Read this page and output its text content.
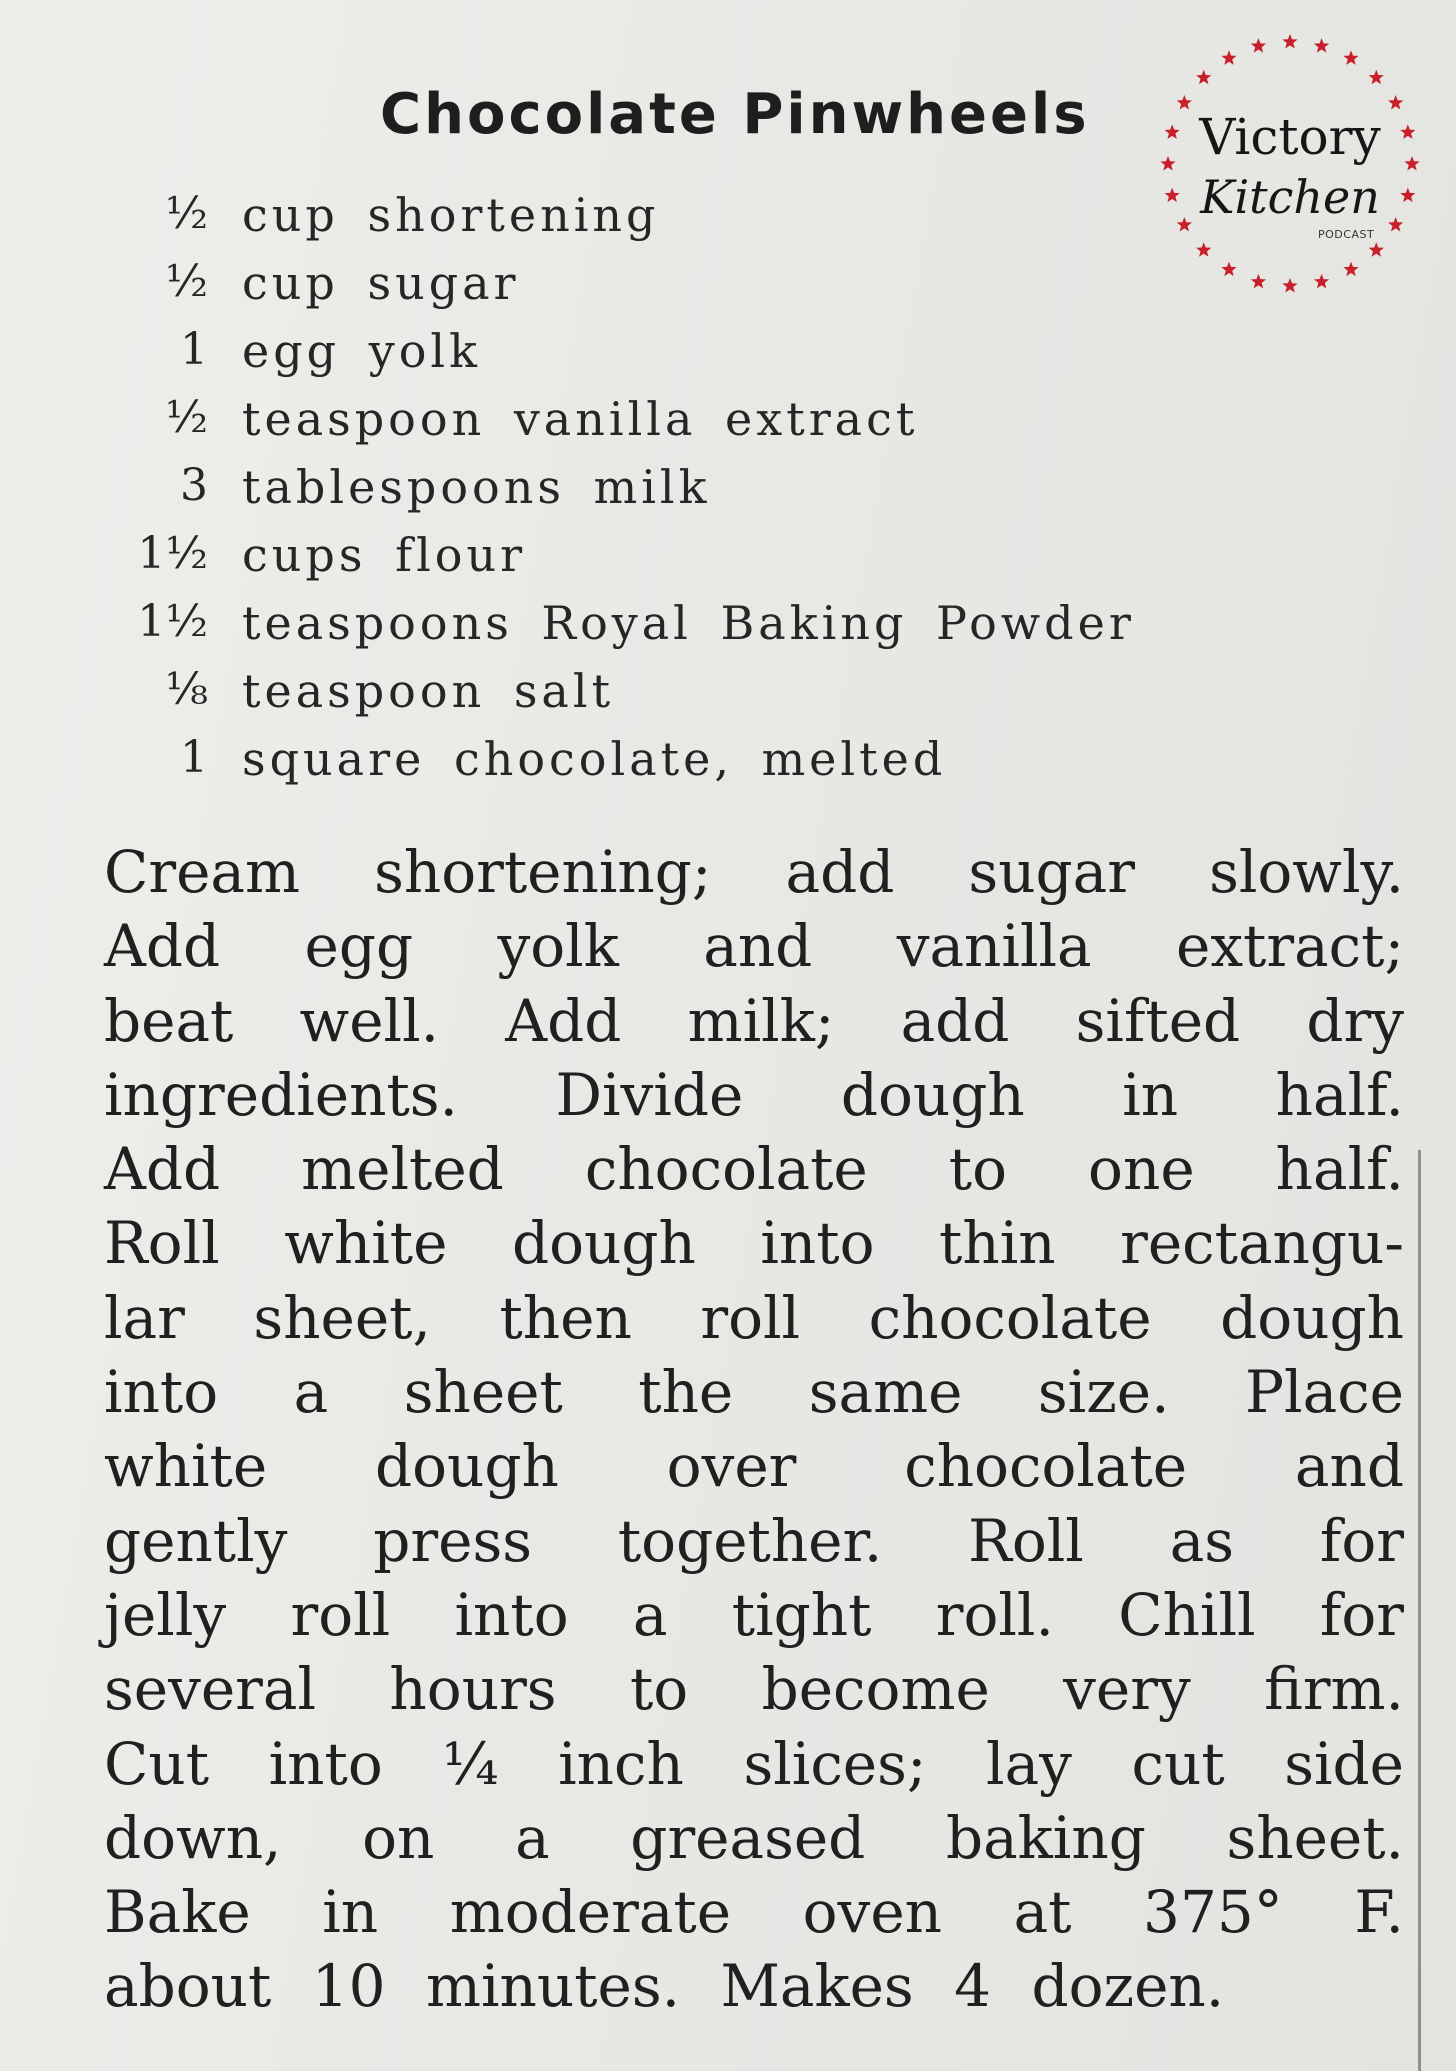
Chocolate Pinwheels	Victory
Kitchen
PODCAST
½ cup shortening
½ cup sugar
1 egg yolk
½ teaspoon vanilla extract
3 tablespoons milk
1½ cups flour
1½ teaspoons Royal Baking Powder
⅛ teaspoon salt
1 square chocolate, melted
Cream shortening; add sugar slowly.
Add egg yolk and vanilla extract;
beat well. Add milk; add sifted dry
ingredients. Divide dough in half.
Add melted chocolate to one half.
Roll white dough into thin rectangu-
lar sheet, then roll chocolate dough
into a sheet the same size. Place
white dough over chocolate and
gently press together. Roll as for
jelly roll into a tight roll. Chill for
several hours to become very firm.
Cut into ¼ inch slices; lay cut side
down, on a greased baking sheet.
Bake in moderate oven at 375° F.
about 10 minutes. Makes 4 dozen.
